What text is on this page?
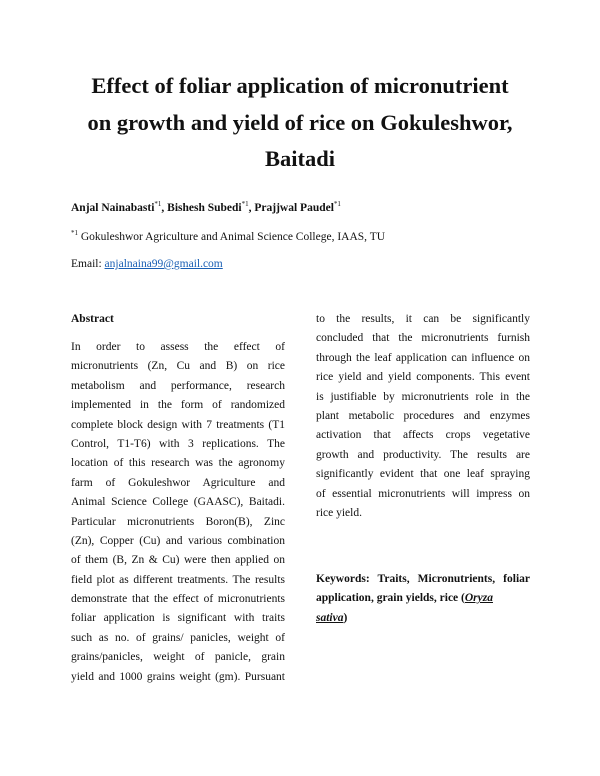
Effect of foliar application of micronutrient
on growth and yield of rice on Gokuleshwor,
Baitadi
Anjal Nainabasti$^{*1}$, Bishesh Subedi$^{*1}$, Prajjwal Paudel$^{*1}$
$^{*1}$ Gokuleshwor Agriculture and Animal Science College, IAAS, TU
Email: anjalnaina99@gmail.com
Abstract
In order to assess the effect of
micronutrients (Zn, Cu and B) on rice
metabolism and performance, research
implemented in the form of randomized
complete block design with 7 treatments (T1
Control, T1-T6) with 3 replications. The
location of this research was the agronomy
farm of Gokuleshwor Agriculture and
Animal Science College (GAASC), Baitadi.
Particular micronutrients Boron(B), Zinc
(Zn), Copper (Cu) and various combination
of them (B, Zn & Cu) were then applied on
field plot as different treatments. The results
demonstrate that the effect of micronutrients
foliar application is significant with traits
such as no. of grains/ panicles, weight of
grains/panicles, weight of panicle, grain
yield and 1000 grains weight (gm). Pursuant
to the results, it can be significantly
concluded that the micronutrients furnish
through the leaf application can influence on
rice yield and yield components. This event
is justifiable by micronutrients role in the
plant metabolic procedures and enzymes
activation that affects crops vegetative
growth and productivity. The results are
significantly evident that one leaf spraying
of essential micronutrients will impress on
rice yield.
Keywords: Traits, Micronutrients, foliar
application, grain yields, rice (Oryza
sativa)
